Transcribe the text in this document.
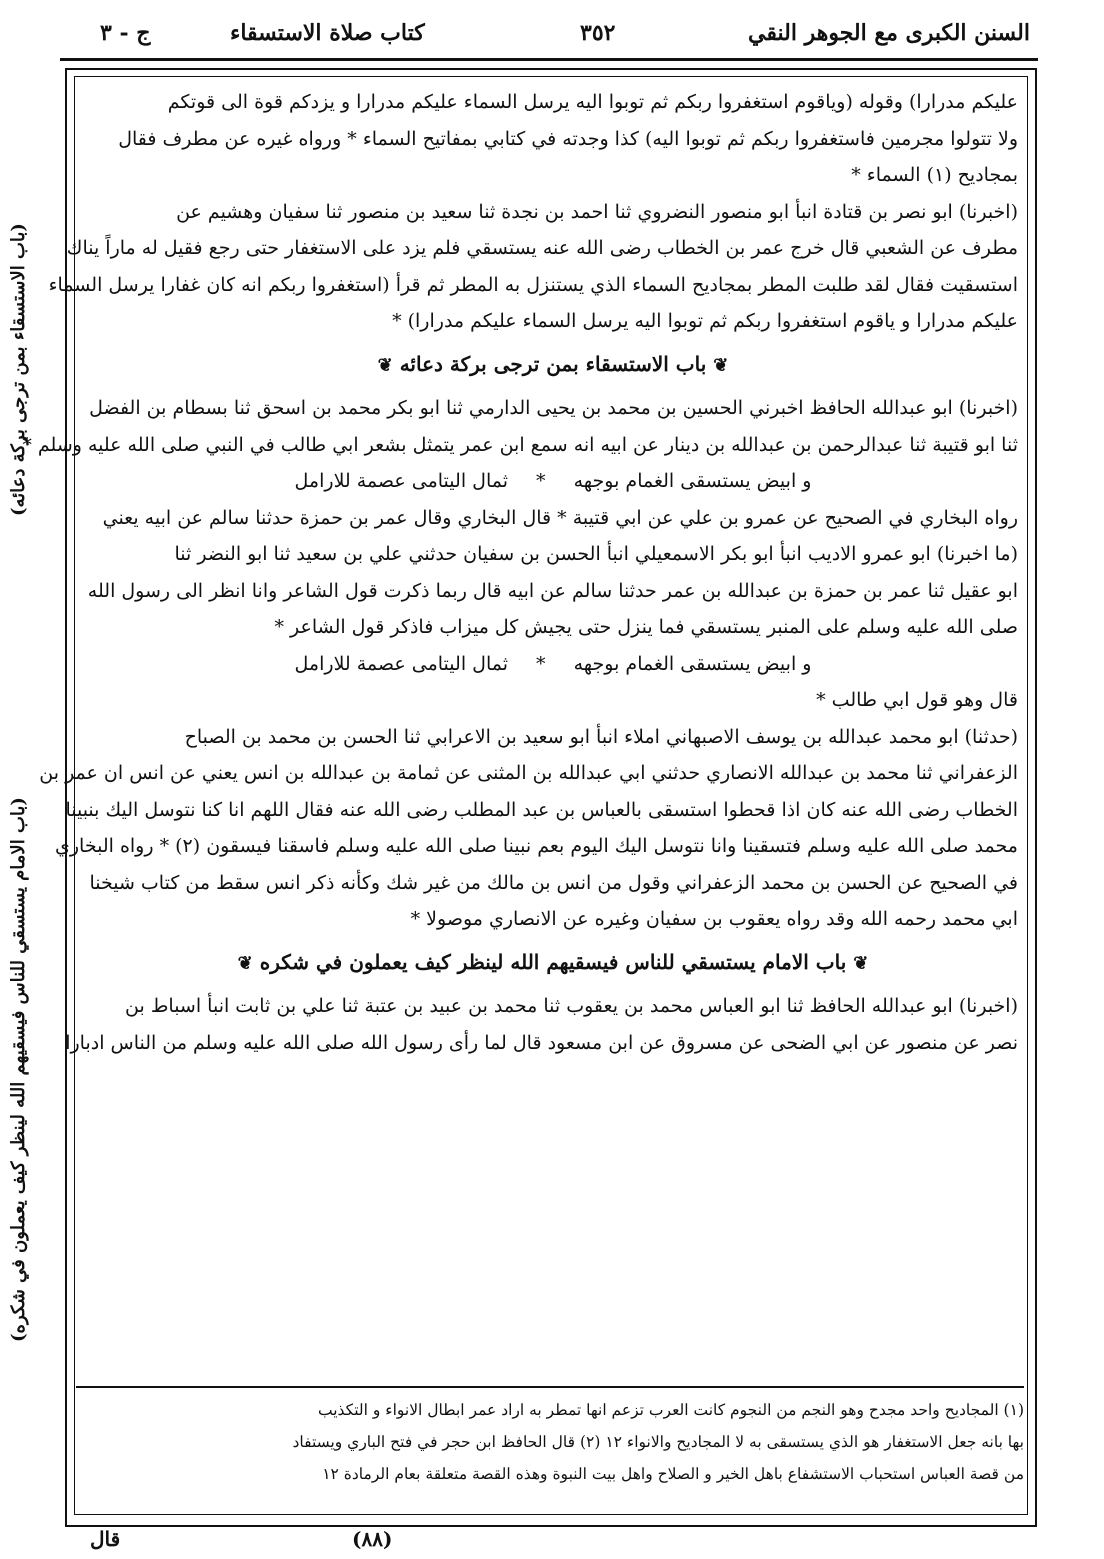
السنن الكبرى مع الجوهر النقي
٣٥٢
كتاب صلاة الاستسقاء
ج - ٣
(باب الاستسقاء بمن ترجى بركة دعائه)
(باب الامام يستسقي للناس فيسقيهم الله لينظر كيف يعملون في شكره)

عليكم مدرارا) وقوله (وياقوم استغفروا ربكم ثم توبوا اليه يرسل السماء عليكم مدرارا و يزدكم قوة الى قوتكم
ولا تتولوا مجرمين فاستغفروا ربكم ثم توبوا اليه) كذا وجدته في كتابي بمفاتيح السماء * ورواه غيره عن مطرف فقال
بمجاديح (١) السماء *

(اخبرنا) ابو نصر بن قتادة انبأ ابو منصور النضروي ثنا احمد بن نجدة ثنا سعيد بن منصور ثنا سفيان وهشيم عن
مطرف عن الشعبي قال خرج عمر بن الخطاب رضى الله عنه يستسقي فلم يزد على الاستغفار حتى رجع فقيل له ماراً يناك
استسقيت فقال لقد طلبت المطر بمجاديح السماء الذي يستنزل به المطر ثم قرأ (استغفروا ربكم انه كان غفارا يرسل السماء
عليكم مدرارا و ياقوم استغفروا ربكم ثم توبوا اليه يرسل السماء عليكم مدرارا) *

❦ باب الاستسقاء بمن ترجى بركة دعائه ❦

(اخبرنا) ابو عبدالله الحافظ اخبرني الحسين بن محمد بن يحيى الدارمي ثنا ابو بكر محمد بن اسحق ثنا بسطام بن الفضل
ثنا ابو قتيبة ثنا عبدالرحمن بن عبدالله بن دينار عن ابيه انه سمع ابن عمر يتمثل بشعر ابي طالب في النبي صلى الله عليه وسلم *

و ابيض يستسقى الغمام بوجهه * ثمال اليتامى عصمة للارامل

رواه البخاري في الصحيح عن عمرو بن علي عن ابي قتيبة * قال البخاري وقال عمر بن حمزة حدثنا سالم عن ابيه يعني
(ما اخبرنا) ابو عمرو الاديب انبأ ابو بكر الاسمعيلي انبأ الحسن بن سفيان حدثني علي بن سعيد ثنا ابو النضر ثنا
ابو عقيل ثنا عمر بن حمزة بن عبدالله بن عمر حدثنا سالم عن ابيه قال ربما ذكرت قول الشاعر وانا انظر الى رسول الله
صلى الله عليه وسلم على المنبر يستسقي فما ينزل حتى يجيش كل ميزاب فاذكر قول الشاعر *

و ابيض يستسقى الغمام بوجهه * ثمال اليتامى عصمة للارامل

قال وهو قول ابي طالب *

(حدثنا) ابو محمد عبدالله بن يوسف الاصبهاني املاء انبأ ابو سعيد بن الاعرابي ثنا الحسن بن محمد بن الصباح
الزعفراني ثنا محمد بن عبدالله الانصاري حدثني ابي عبدالله بن المثنى عن ثمامة بن عبدالله بن انس يعني عن انس ان عمر بن
الخطاب رضى الله عنه كان اذا قحطوا استسقى بالعباس بن عبد المطلب رضى الله عنه فقال اللهم انا كنا نتوسل اليك بنبينا
محمد صلى الله عليه وسلم فتسقينا وانا نتوسل اليك اليوم بعم نبينا صلى الله عليه وسلم فاسقنا فيسقون (٢) * رواه البخاري
في الصحيح عن الحسن بن محمد الزعفراني وقول من انس بن مالك من غير شك وكأنه ذكر انس سقط من كتاب شيخنا
ابي محمد رحمه الله وقد رواه يعقوب بن سفيان وغيره عن الانصاري موصولا *

❦ باب الامام يستسقي للناس فيسقيهم الله لينظر كيف يعملون في شكره ❦

(اخبرنا) ابو عبدالله الحافظ ثنا ابو العباس محمد بن يعقوب ثنا محمد بن عبيد بن عتبة ثنا علي بن ثابت انبأ اسباط بن
نصر عن منصور عن ابي الضحى عن مسروق عن ابن مسعود قال لما رأى رسول الله صلى الله عليه وسلم من الناس ادبارا

(١) المجاديح واحد مجدح وهو النجم من النجوم كانت العرب تزعم انها تمطر به اراد عمر ابطال الانواء و التكذيب
بها بانه جعل الاستغفار هو الذي يستسقى به لا المجاديح والانواء ١٢ (٢) قال الحافظ ابن حجر في فتح الباري ويستفاد
من قصة العباس استحباب الاستشفاع باهل الخير و الصلاح واهل بيت النبوة وهذه القصة متعلقة بعام الرمادة ١٢
(٨٨)
قال
